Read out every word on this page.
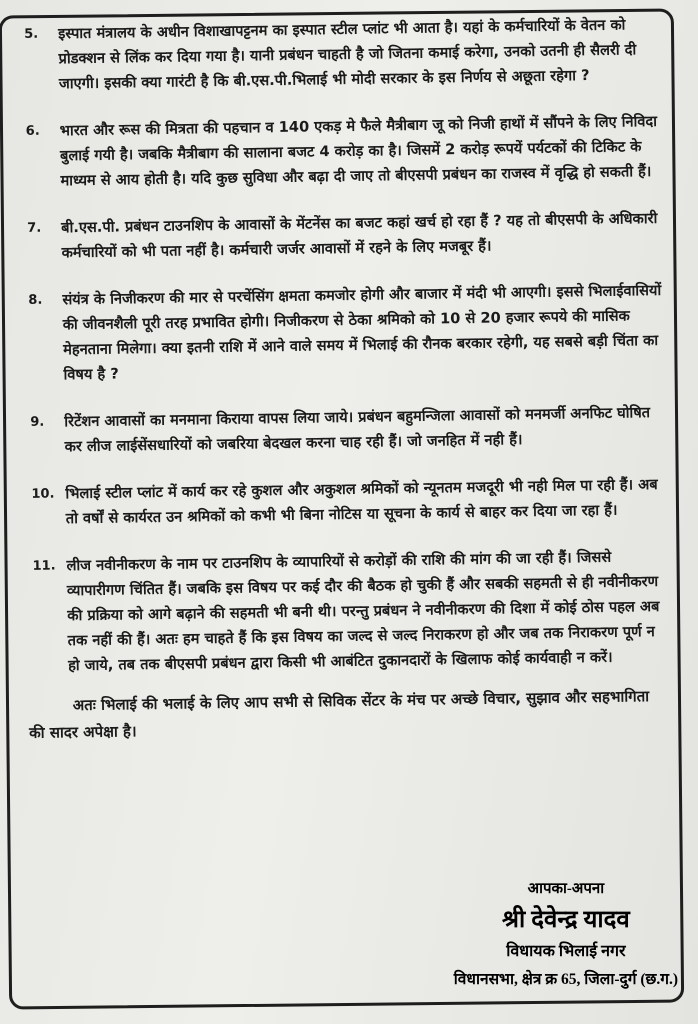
5. इस्पात मंत्रालय के अधीन विशाखापट्टनम का इस्पात स्टील प्लांट भी आता है। यहां के कर्मचारियों के वेतन को प्रोडक्शन से लिंक कर दिया गया है। यानी प्रबंधन चाहती है जो जितना कमाई करेगा, उनको उतनी ही सैलरी दी जाएगी। इसकी क्या गारंटी है कि बी.एस.पी.भिलाई भी मोदी सरकार के इस निर्णय से अछूता रहेगा ?
6. भारत और रूस की मित्रता की पहचान व 140 एकड़ मे फैले मैत्रीबाग जू को निजी हाथों में सौंपने के लिए निविदा बुलाई गयी है। जबकि मैत्रीबाग की सालाना बजट 4 करोड़ का है। जिसमें 2 करोड़ रूपयें पर्यटकों की टिकिट के माध्यम से आय होती है। यदि कुछ सुविधा और बढ़ा दी जाए तो बीएसपी प्रबंधन का राजस्व में वृद्धि हो सकती हैं।
7. बी.एस.पी. प्रबंधन टाउनशिप के आवासों के मेंटनेंस का बजट कहां खर्च हो रहा हैं ? यह तो बीएसपी के अधिकारी कर्मचारियों को भी पता नहीं है। कर्मचारी जर्जर आवासों में रहने के लिए मजबूर हैं।
8. संयंत्र के निजीकरण की मार से परचेंसिंग क्षमता कमजोर होगी और बाजार में मंदी भी आएगी। इससे भिलाईवासियों की जीवनशैली पूरी तरह प्रभावित होगी। निजीकरण से ठेका श्रमिको को 10 से 20 हजार रूपये की मासिक मेहनताना मिलेगा। क्या इतनी राशि में आने वाले समय में भिलाई की रौनक बरकार रहेगी, यह सबसे बड़ी चिंता का विषय है ?
9. रिटेंशन आवासों का मनमाना किराया वापस लिया जाये। प्रबंधन बहुमन्जिला आवासों को मनमर्जी अनफिट घोषित कर लीज लाईसेंसधारियों को जबरिया बेदखल करना चाह रही हैं। जो जनहित में नही हैं।
10. भिलाई स्टील प्लांट में कार्य कर रहे कुशल और अकुशल श्रमिकों को न्यूनतम मजदूरी भी नही मिल पा रही हैं। अब तो वर्षों से कार्यरत उन श्रमिकों को कभी भी बिना नोटिस या सूचना के कार्य से बाहर कर दिया जा रहा हैं।
11. लीज नवीनीकरण के नाम पर टाउनशिप के व्यापारियों से करोड़ों की राशि की मांग की जा रही हैं। जिससे व्यापारीगण चिंतित हैं। जबकि इस विषय पर कई दौर की बैठक हो चुकी हैं और सबकी सहमती से ही नवीनीकरण की प्रक्रिया को आगे बढ़ाने की सहमती भी बनी थी। परन्तु प्रबंधन ने नवीनीकरण की दिशा में कोई ठोस पहल अब तक नहीं की हैं। अतः हम चाहते हैं कि इस विषय का जल्द से जल्द निराकरण हो और जब तक निराकरण पूर्ण न हो जाये, तब तक बीएसपी प्रबंधन द्वारा किसी भी आबंटित दुकानदारों के खिलाफ कोई कार्यवाही न करें।
अतः भिलाई की भलाई के लिए आप सभी से सिविक सेंटर के मंच पर अच्छे विचार, सुझाव और सहभागिता की सादर अपेक्षा है।
आपका-अपना
श्री देवेन्द्र यादव
विधायक भिलाई नगर
विधानसभा, क्षेत्र क्र 65, जिला-दुर्ग (छ.ग.)
